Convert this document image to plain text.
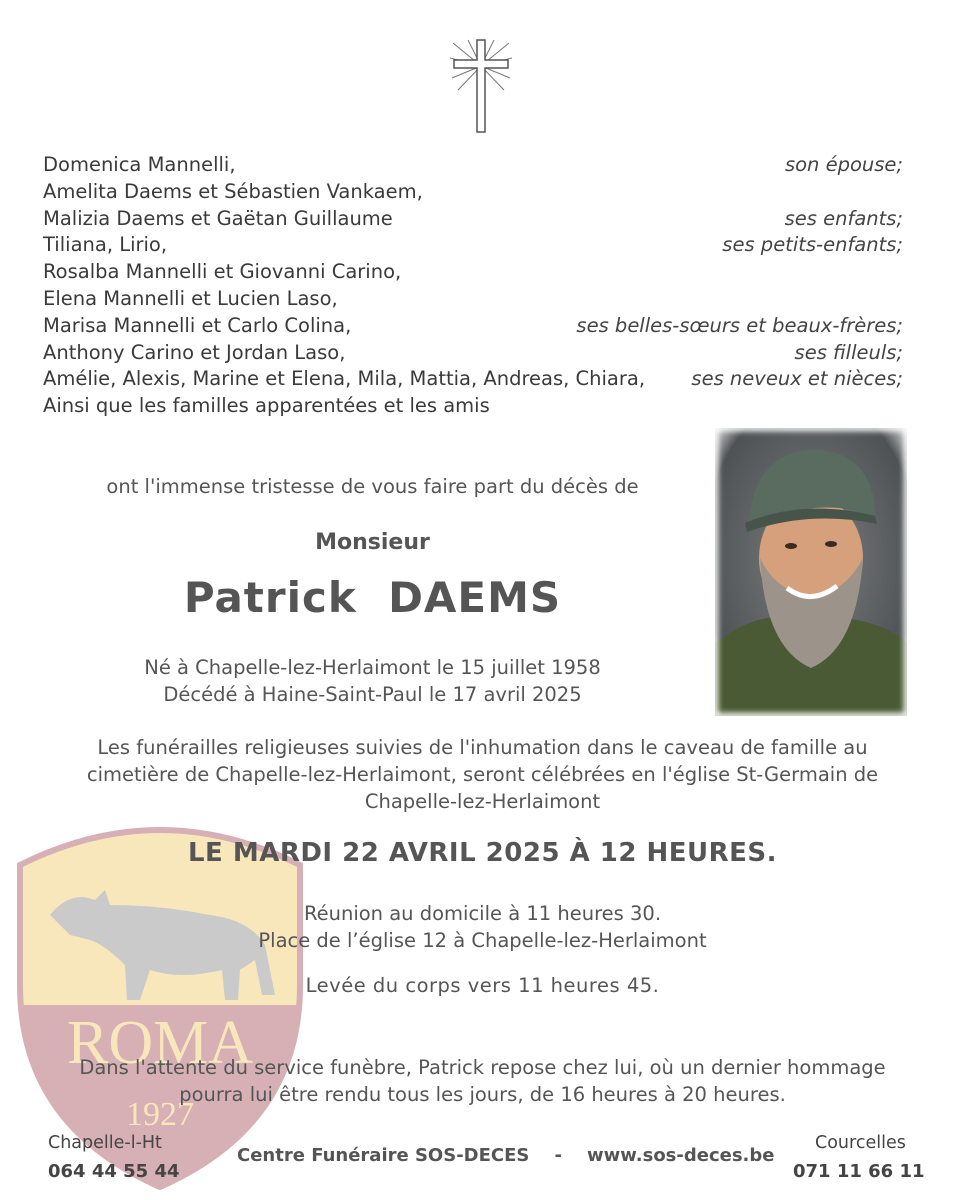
ROMA
1927
Domenica Mannelli,	son épouse;
Amelita Daems et Sébastien Vankaem,
Malizia Daems et Gaëtan Guillaume	ses enfants;
Tiliana, Lirio,	ses petits-enfants;
Rosalba Mannelli et Giovanni Carino,
Elena Mannelli et Lucien Laso,
Marisa Mannelli et Carlo Colina,	ses belles-sœurs et beaux-frères;
Anthony Carino et Jordan Laso,	ses filleuls;
Amélie, Alexis, Marine et Elena, Mila, Mattia, Andreas, Chiara, ses neveux et nièces;
Ainsi que les familles apparentées et les amis
ont l'immense tristesse de vous faire part du décès de
Monsieur
Patrick  DAEMS
Né à Chapelle-lez-Herlaimont le 15 juillet 1958
Décédé à Haine-Saint-Paul le 17 avril 2025
Les funérailles religieuses suivies de l'inhumation dans le caveau de famille au
cimetière de Chapelle-lez-Herlaimont, seront célébrées en l'église St-Germain de
Chapelle-lez-Herlaimont
LE MARDI 22 AVRIL 2025 À 12 HEURES.
Réunion au domicile à 11 heures 30.
Place de l’église 12 à Chapelle-lez-Herlaimont
Levée du corps vers 11 heures 45.
Dans l'attente du service funèbre, Patrick repose chez lui, où un dernier hommage
pourra lui être rendu tous les jours, de 16 heures à 20 heures.
Chapelle-l-Ht
064 44 55 44
Centre Funéraire SOS-DECES - www.sos-deces.be
Courcelles
071 11 66 11
